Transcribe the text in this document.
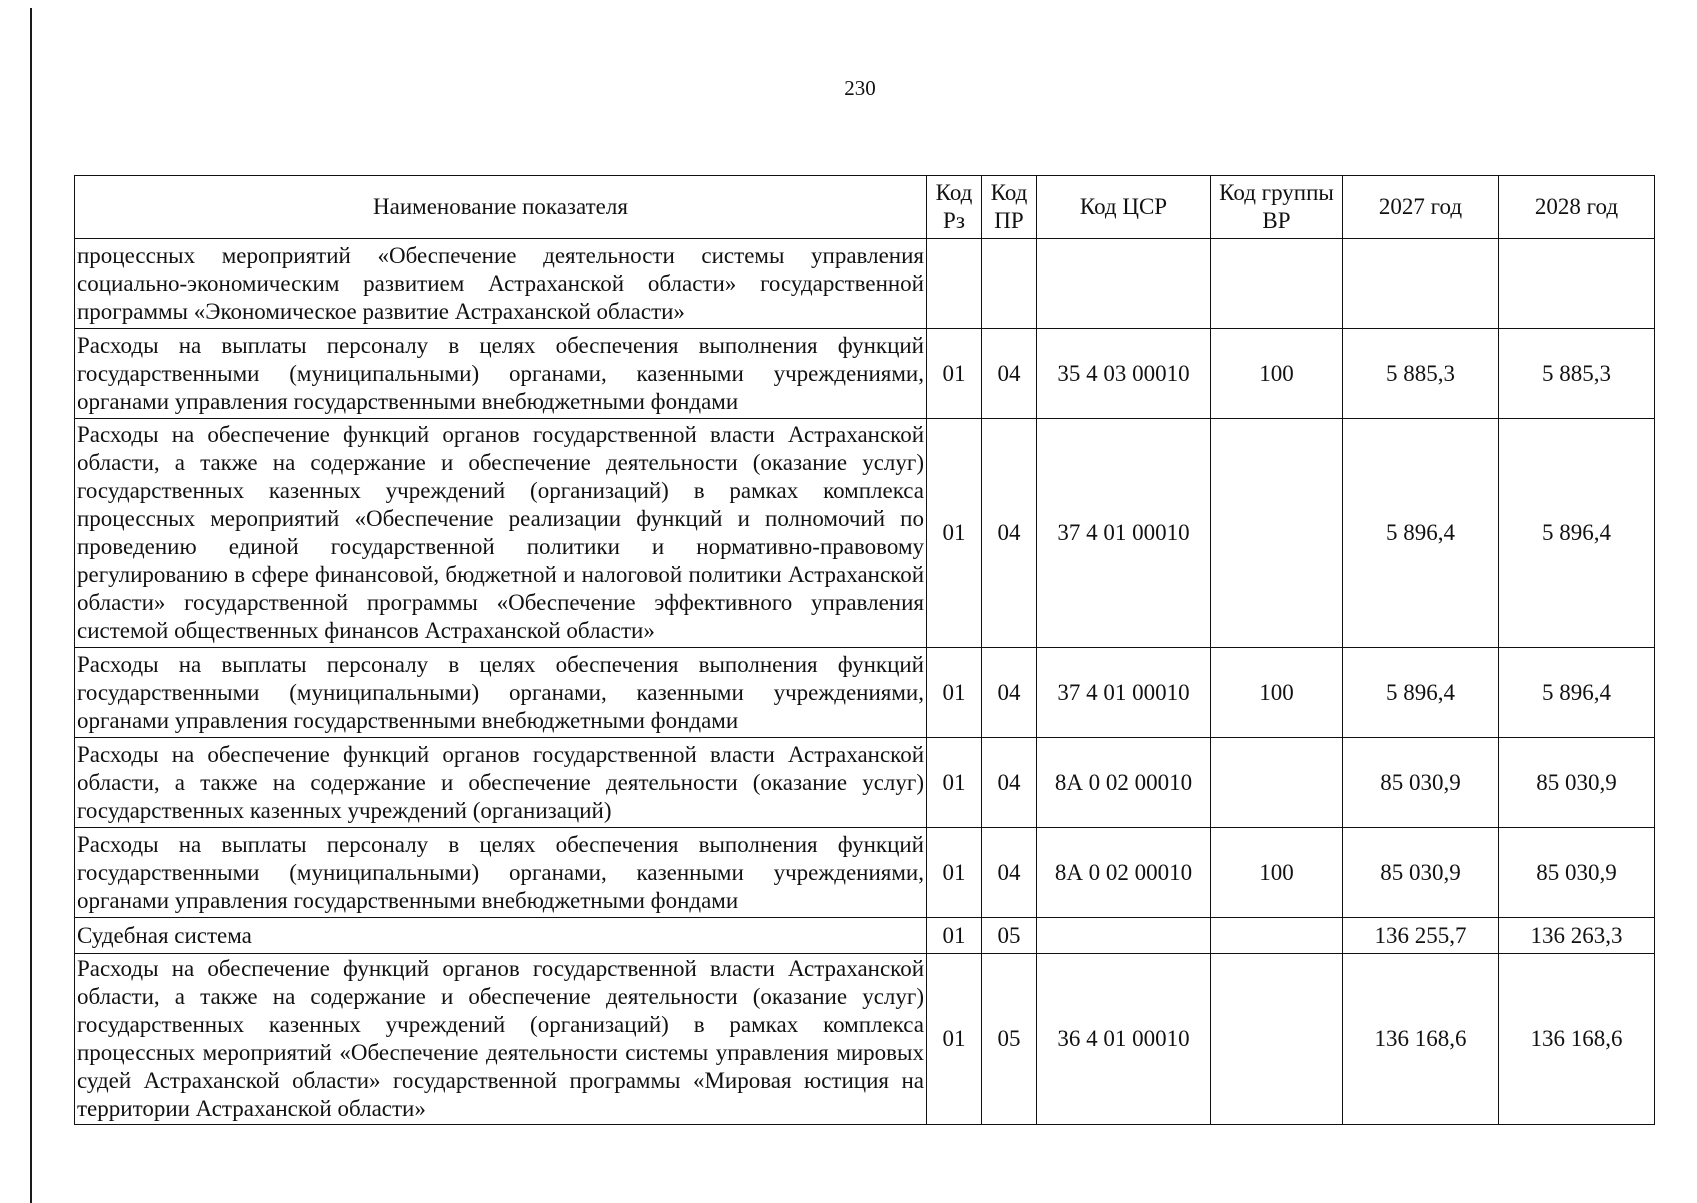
230
Наименование показателя	Код Рз	Код ПР	Код ЦСР	Код группы ВР	2027 год	2028 год
процессных мероприятий «Обеспечение деятельности системы управления социально-экономическим развитием Астраханской области» государственной программы «Экономическое развитие Астраханской области»						
Расходы на выплаты персоналу в целях обеспечения выполнения функций государственными (муниципальными) органами, казенными учреждениями, органами управления государственными внебюджетными фондами	01	04	35 4 03 00010	100	5 885,3	5 885,3
Расходы на обеспечение функций органов государственной власти Астраханской области, а также на содержание и обеспечение деятельности (оказание услуг) государственных казенных учреждений (организаций) в рамках комплекса процессных мероприятий «Обеспечение реализации функций и полномочий по проведению единой государственной политики и нормативно-правовому регулированию в сфере финансовой, бюджетной и налоговой политики Астраханской области» государственной программы «Обеспечение эффективного управления системой общественных финансов Астраханской области»	01	04	37 4 01 00010		5 896,4	5 896,4
Расходы на выплаты персоналу в целях обеспечения выполнения функций государственными (муниципальными) органами, казенными учреждениями, органами управления государственными внебюджетными фондами	01	04	37 4 01 00010	100	5 896,4	5 896,4
Расходы на обеспечение функций органов государственной власти Астраханской области, а также на содержание и обеспечение деятельности (оказание услуг) государственных казенных учреждений (организаций)	01	04	8А 0 02 00010		85 030,9	85 030,9
Расходы на выплаты персоналу в целях обеспечения выполнения функций государственными (муниципальными) органами, казенными учреждениями, органами управления государственными внебюджетными фондами	01	04	8А 0 02 00010	100	85 030,9	85 030,9
Судебная система	01	05			136 255,7	136 263,3
Расходы на обеспечение функций органов государственной власти Астраханской области, а также на содержание и обеспечение деятельности (оказание услуг) государственных казенных учреждений (организаций) в рамках комплекса процессных мероприятий «Обеспечение деятельности системы управления мировых судей Астраханской области» государственной программы «Мировая юстиция на территории Астраханской области»	01	05	36 4 01 00010		136 168,6	136 168,6
